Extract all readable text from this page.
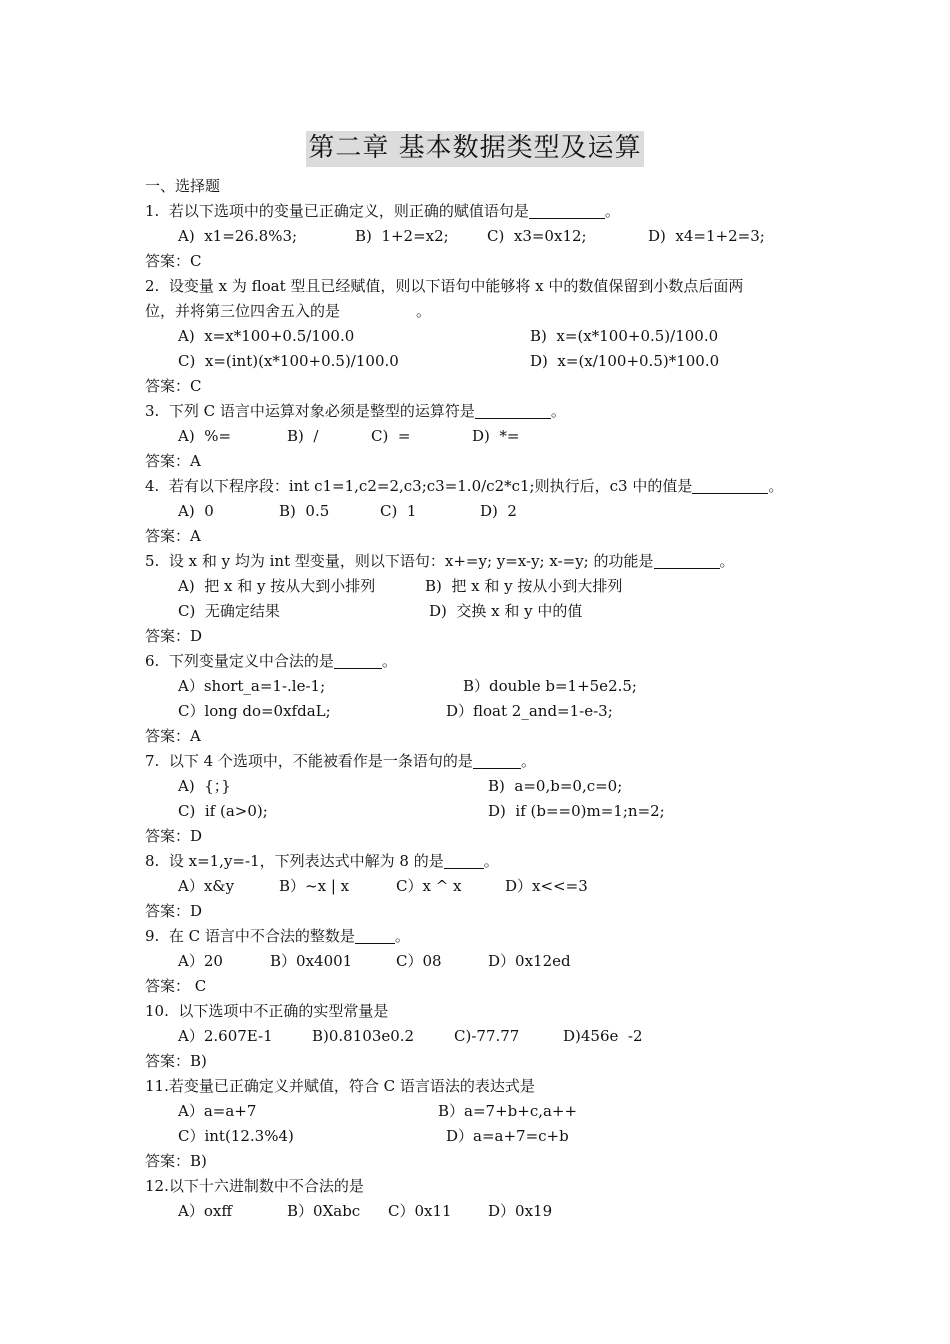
第二章 基本数据类型及运算
一、选择题
1.  若以下选项中的变量已正确定义，则正确的赋值语句是	。
A)  x1=26.8%3;	B)  1+2=x2;	C)  x3=0x12;	D)  x4=1+2=3;
答案：C
2.  设变量 x 为 float 型且已经赋值，则以下语句中能够将 x 中的数值保留到小数点后面两
位，并将第三位四舍五入的是	。
A)  x=x*100+0.5/100.0	B)  x=(x*100+0.5)/100.0
C)  x=(int)(x*100+0.5)/100.0	D)  x=(x/100+0.5)*100.0
答案：C
3.  下列 C 语言中运算对象必须是整型的运算符是	。
A)  %=	B)  /	C)  =	D)  *=
答案：A
4.  若有以下程序段：int c1=1,c2=2,c3;c3=1.0/c2*c1;则执行后，c3 中的值是	。
A)  0	B)  0.5	C)  1	D)  2
答案：A
5.  设 x 和 y 均为 int 型变量，则以下语句：x+=y; y=x-y; x-=y; 的功能是	。
A)  把 x 和 y 按从大到小排列	B)  把 x 和 y 按从小到大排列
C)  无确定结果	D)  交换 x 和 y 中的值
答案：D
6.  下列变量定义中合法的是	。
A）short_a=1-.le-1;	B）double b=1+5e2.5;
C）long do=0xfdaL;	D）float 2_and=1-e-3;
答案：A
7.  以下 4 个选项中，不能被看作是一条语句的是	。
A)  {；}	B)  a=0,b=0,c=0;
C)  if (a>0);	D)  if (b==0)m=1;n=2;
答案：D
8.  设 x=1,y=-1，下列表达式中解为 8 的是	。
A）x&y	B）~x | x	C）x ^ x	D）x<<=3
答案：D
9.  在 C 语言中不合法的整数是	。
A）20	B）0x4001	C）08	D）0x12ed
答案： C
10.  以下选项中不正确的实型常量是
A）2.607E-1	B)0.8103e0.2	C)-77.77	D)456e  -2
答案：B)
11.若变量已正确定义并赋值，符合 C 语言语法的表达式是
A）a=a+7	B）a=7+b+c,a++
C）int(12.3%4)	D）a=a+7=c+b
答案：B)
12.以下十六进制数中不合法的是
A）oxff	B）0Xabc C）0x11 D）0x19
